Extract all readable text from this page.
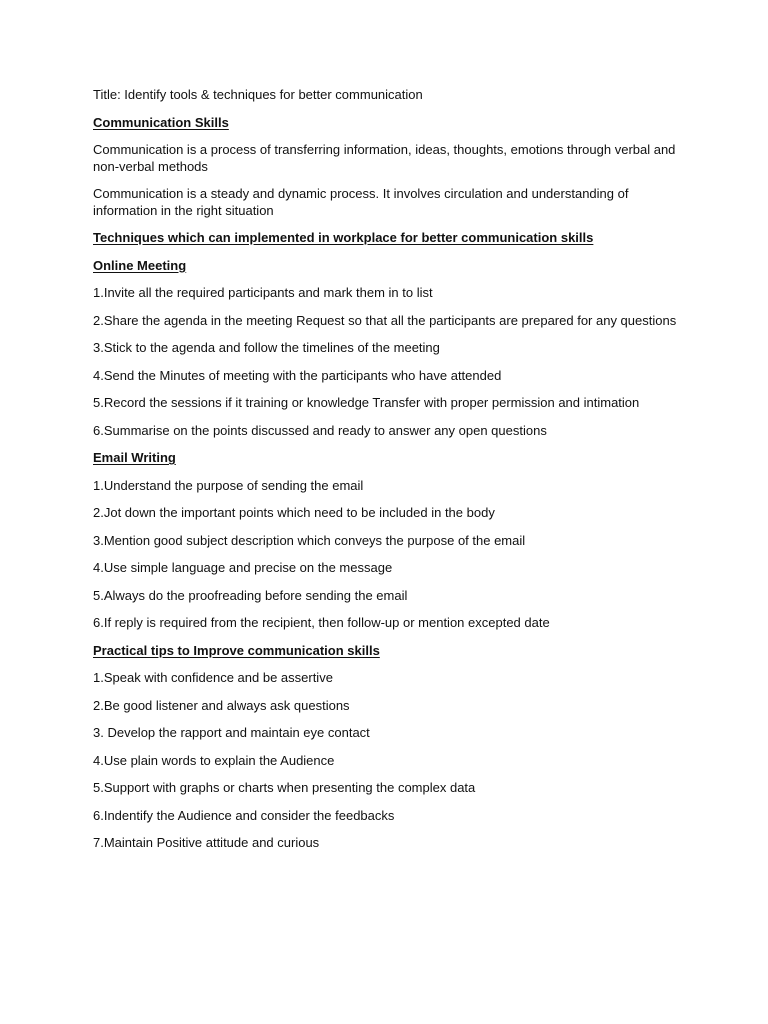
Title: Identify tools & techniques for better communication

Communication Skills

Communication is a process of transferring information, ideas, thoughts, emotions through verbal and non-verbal methods

Communication is a steady and dynamic process. It involves circulation and understanding of information in the right situation

Techniques which can implemented in workplace for better communication skills

Online Meeting

1.Invite all the required participants and mark them in to list

2.Share the agenda in the meeting Request so that all the participants are prepared for any questions

3.Stick to the agenda and follow the timelines of the meeting

4.Send the Minutes of meeting with the participants who have attended

5.Record the sessions if it training or knowledge Transfer with proper permission and intimation

6.Summarise on the points discussed and ready to answer any open questions

Email Writing

1.Understand the purpose of sending the email

2.Jot down the important points which need to be included in the body

3.Mention good subject description which conveys the purpose of the email

4.Use simple language and precise on the message

5.Always do the proofreading before sending the email

6.If reply is required from the recipient, then follow-up or mention excepted date

Practical tips to Improve communication skills

1.Speak with confidence and be assertive

2.Be good listener and always ask questions

3. Develop the rapport and maintain eye contact

4.Use plain words to explain the Audience

5.Support with graphs or charts when presenting the complex data

6.Indentify the Audience and consider the feedbacks

7.Maintain Positive attitude and curious
